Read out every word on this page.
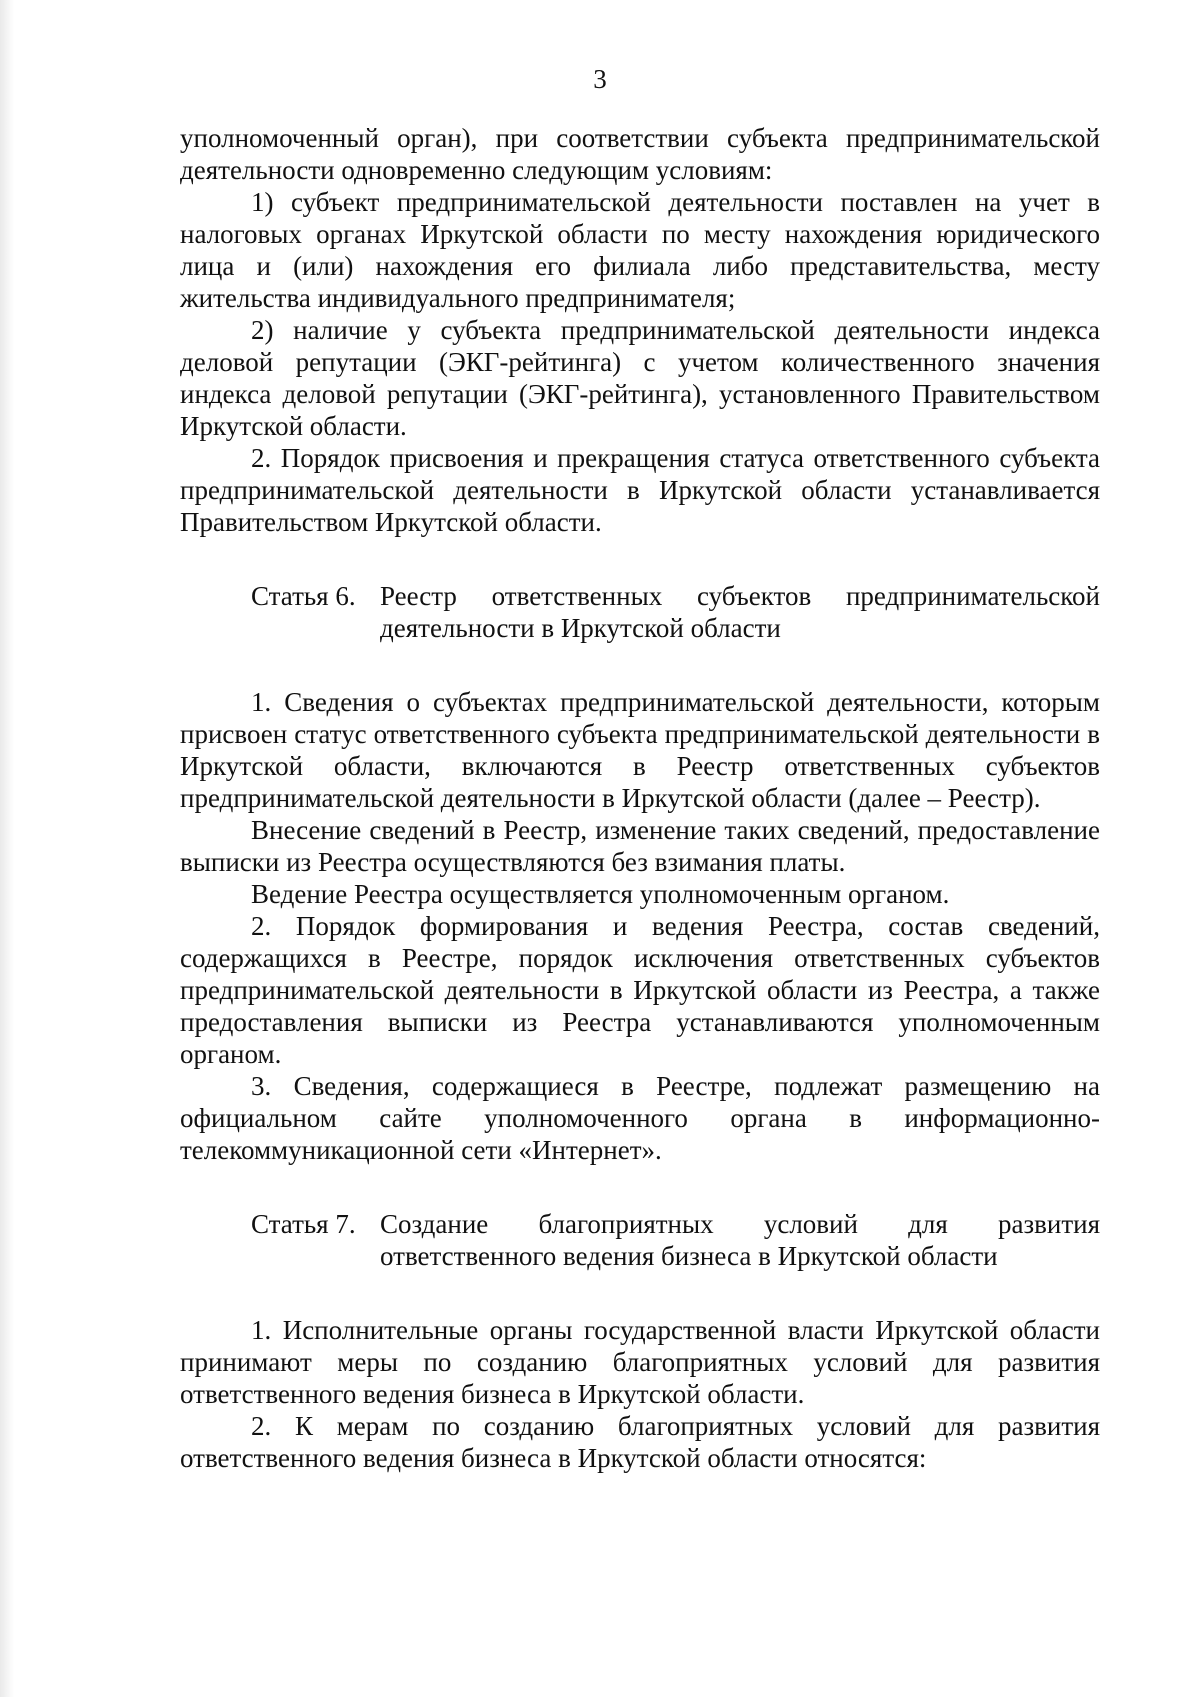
3

уполномоченный орган), при соответствии субъекта предпринимательской деятельности одновременно следующим условиям:

1) субъект предпринимательской деятельности поставлен на учет в налоговых органах Иркутской области по месту нахождения юридического лица и (или) нахождения его филиала либо представительства, месту жительства индивидуального предпринимателя;

2) наличие у субъекта предпринимательской деятельности индекса деловой репутации (ЭКГ-рейтинга) с учетом количественного значения индекса деловой репутации (ЭКГ-рейтинга), установленного Правительством Иркутской области.

2. Порядок присвоения и прекращения статуса ответственного субъекта предпринимательской деятельности в Иркутской области устанавливается Правительством Иркутской области.

Статья 6. Реестр ответственных субъектов предпринимательской деятельности в Иркутской области

1. Сведения о субъектах предпринимательской деятельности, которым присвоен статус ответственного субъекта предпринимательской деятельности в Иркутской области, включаются в Реестр ответственных субъектов предпринимательской деятельности в Иркутской области (далее – Реестр).

Внесение сведений в Реестр, изменение таких сведений, предоставление выписки из Реестра осуществляются без взимания платы.

Ведение Реестра осуществляется уполномоченным органом.

2. Порядок формирования и ведения Реестра, состав сведений, содержащихся в Реестре, порядок исключения ответственных субъектов предпринимательской деятельности в Иркутской области из Реестра, а также предоставления выписки из Реестра устанавливаются уполномоченным органом.

3. Сведения, содержащиеся в Реестре, подлежат размещению на официальном сайте уполномоченного органа в информационно-телекоммуникационной сети «Интернет».

Статья 7. Создание благоприятных условий для развития ответственного ведения бизнеса в Иркутской области

1. Исполнительные органы государственной власти Иркутской области принимают меры по созданию благоприятных условий для развития ответственного ведения бизнеса в Иркутской области.

2. К мерам по созданию благоприятных условий для развития ответственного ведения бизнеса в Иркутской области относятся:
